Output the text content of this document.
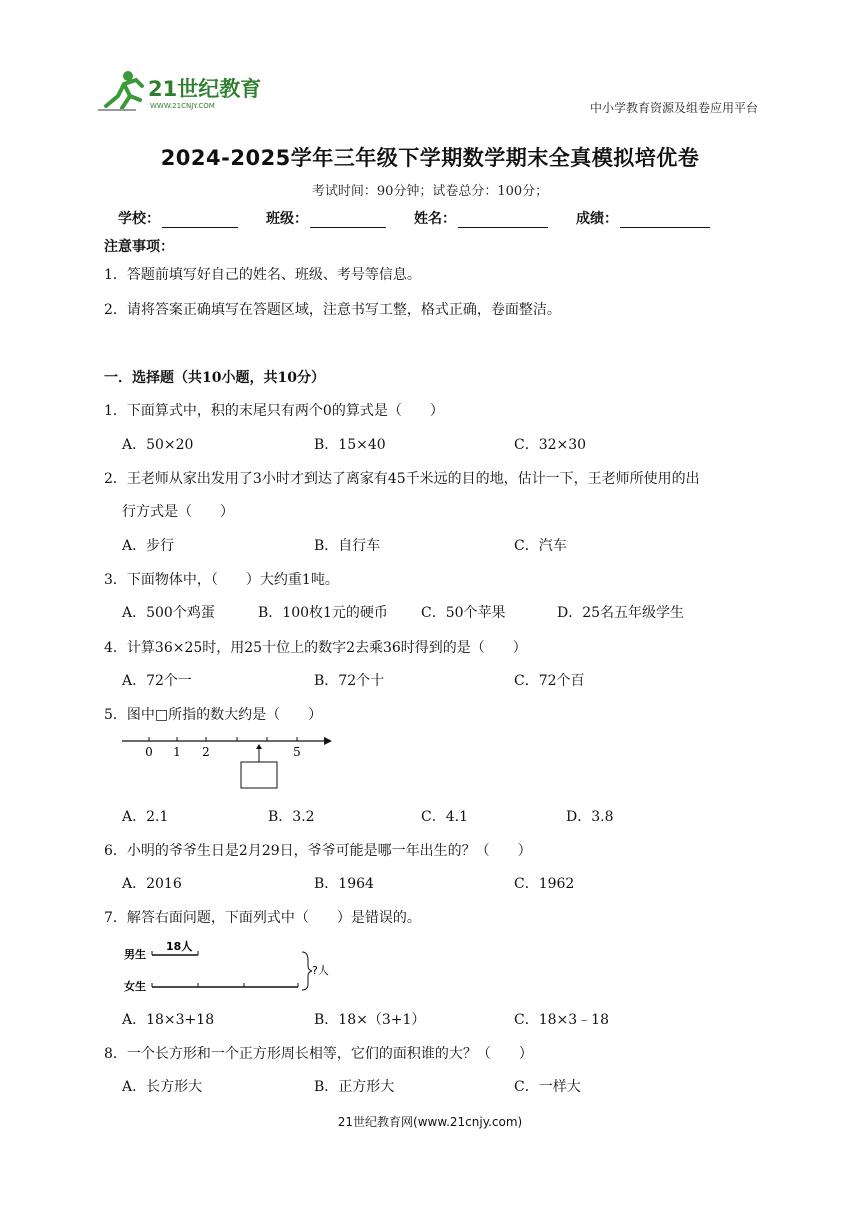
21世纪教育
WWW.21CNJY.COM	中小学教育资源及组卷应用平台
2024-2025学年三年级下学期数学期末全真模拟培优卷
考试时间：90分钟；试卷总分：100分；
学校：	班级：	姓名：	成绩：
注意事项：
1．答题前填写好自己的姓名、班级、考号等信息。
2．请将答案正确填写在答题区域，注意书写工整，格式正确，卷面整洁。
一．选择题（共10小题，共10分）
1．下面算式中，积的末尾只有两个0的算式是（　　）
A．50×20	B．15×40	C．32×30
2．王老师从家出发用了3小时才到达了离家有45千米远的目的地，估计一下，王老师所使用的出
行方式是（　　）
A．步行	B．自行车	C．汽车
3．下面物体中，（　　）大约重1吨。
A．500个鸡蛋	B．100枚1元的硬币 C．50个苹果	D．25名五年级学生
4．计算36×25时，用25十位上的数字2去乘36时得到的是（　　）
A．72个一	B．72个十	C．72个百
5．图中□所指的数大约是（　　）
0 1 2	5
A．2.1	B．3.2	C．4.1	D．3.8
6．小明的爷爷生日是2月29日，爷爷可能是哪一年出生的？（　　）
A．2016	B．1964	C．1962
7．解答右面问题，下面列式中（　　）是错误的。
男生
18人
女生
?人
A．18×3+18	B．18×（3+1）	C．18×3﹣18
8．一个长方形和一个正方形周长相等，它们的面积谁的大？（　　）
A．长方形大	B．正方形大	C．一样大
21世纪教育网(www.21cnjy.com)
